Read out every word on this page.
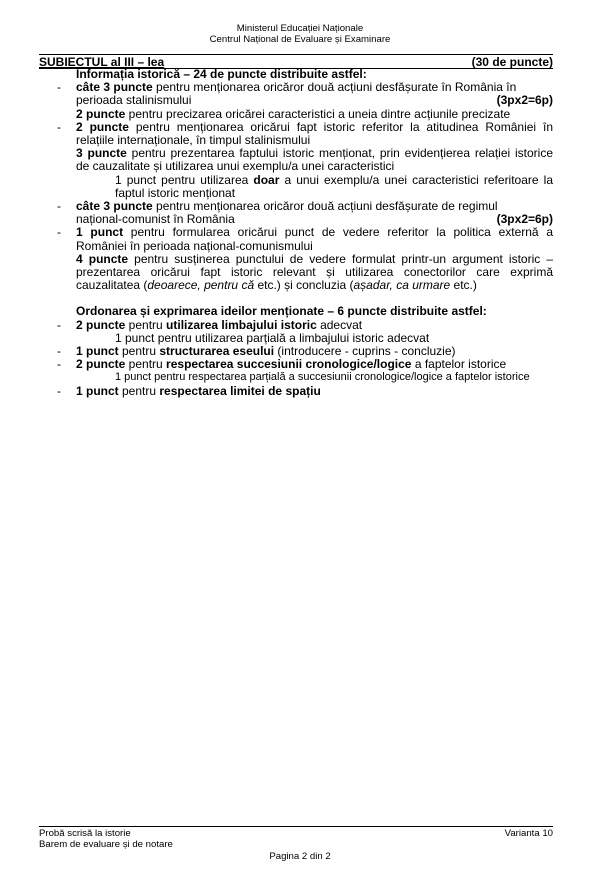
Ministerul Educației Naționale
Centrul Național de Evaluare și Examinare
SUBIECTUL al III – lea	(30 de puncte)
Informația istorică – 24 de puncte distribuite astfel:
-	câte 3 puncte pentru menționarea oricăror două acțiuni desfășurate în România în
perioada stalinismului	(3px2=6p)
2 puncte pentru precizarea oricărei caracteristici a uneia dintre acțiunile precizate
-	2 puncte pentru menționarea oricărui fapt istoric referitor la atitudinea României în relațiile internaționale, în timpul stalinismului
3 puncte pentru prezentarea faptului istoric menționat, prin evidențierea relației istorice de cauzalitate și utilizarea unui exemplu/a unei caracteristici
1 punct pentru utilizarea doar a unui exemplu/a unei caracteristici referitoare la faptul istoric menționat
-	câte 3 puncte pentru menționarea oricăror două acțiuni desfășurate de regimul
național-comunist în România	(3px2=6p)
-	1 punct pentru formularea oricărui punct de vedere referitor la politica externă a României în perioada național-comunismului
4 puncte pentru susținerea punctului de vedere formulat printr-un argument istoric – prezentarea oricărui fapt istoric relevant și utilizarea conectorilor care exprimă cauzalitatea (deoarece, pentru că etc.) și concluzia (așadar, ca urmare etc.)
Ordonarea și exprimarea ideilor menționate – 6 puncte distribuite astfel:
-	2 puncte pentru utilizarea limbajului istoric adecvat
1 punct pentru utilizarea parțială a limbajului istoric adecvat
-	1 punct pentru structurarea eseului (introducere - cuprins - concluzie)
-	2 puncte pentru respectarea succesiunii cronologice/logice a faptelor istorice
1 punct pentru respectarea parțială a succesiunii cronologice/logice a faptelor istorice
-	1 punct pentru respectarea limitei de spațiu
Probă scrisă la istorie
Barem de evaluare și de notare
Varianta 10
Pagina 2 din 2
